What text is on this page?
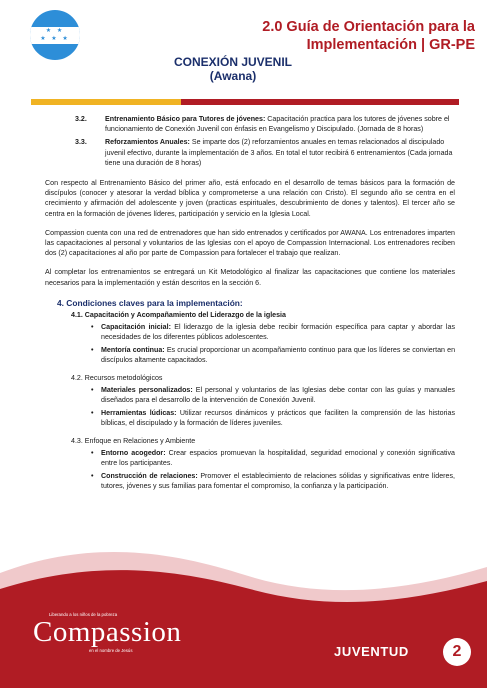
★ ★
★ ★ ★
2.0 Guía de Orientación para la
Implementación | GR-PE
CONEXIÓN JUVENIL
(Awana)
3.2.	Entrenamiento Básico para Tutores de jóvenes: Capacitación practica para los tutores de jóvenes sobre el funcionamiento de Conexión Juvenil con énfasis en Evangelismo y Discipulado. (Jornada de 8 horas)
3.3.	Reforzamientos Anuales: Se imparte dos (2) reforzamientos anuales en temas relacionados al discipulado juvenil efectivo, durante la implementación de 3 años. En total el tutor recibirá 6 entrenamientos (Cada jornada tiene una duración de 8 horas)

Con respecto al Entrenamiento Básico del primer año, está enfocado en el desarrollo de temas básicos para la formación de discípulos (conocer y atesorar la verdad bíblica y comprometerse a una relación con Cristo). El segundo año se centra en el crecimiento y afirmación del adolescente y joven (practicas espirituales, descubrimiento de dones y talentos). El tercer año se centra en la formación de jóvenes líderes, participación y servicio en la Iglesia Local.

Compassion cuenta con una red de entrenadores que han sido entrenados y certificados por AWANA. Los entrenadores imparten las capacitaciones al personal y voluntarios de las Iglesias con el apoyo de Compassion Internacional. Los entrenadores reciben dos (2) capacitaciones al año por parte de Compassion para fortalecer el trabajo que realizan.

Al completar los entrenamientos se entregará un Kit Metodológico al finalizar las capacitaciones que contiene los materiales necesarios para la implementación y están descritos en la sección 6.

4. Condiciones claves para la implementación:
4.1. Capacitación y Acompañamiento del Liderazgo de la iglesia
• Capacitación inicial: El liderazgo de la iglesia debe recibir formación específica para captar y abordar las necesidades de los diferentes públicos adolescentes.
• Mentoría continua: Es crucial proporcionar un acompañamiento continuo para que los líderes se conviertan en discípulos altamente capacitados.
4.2. Recursos metodológicos
• Materiales personalizados: El personal y voluntarios de las Iglesias debe contar con las guías y manuales diseñados para el desarrollo de la intervención de Conexión Juvenil.
• Herramientas lúdicas: Utilizar recursos dinámicos y prácticos que faciliten la comprensión de las historias bíblicas, el discipulado y la formación de líderes juveniles.
4.3. Enfoque en Relaciones y Ambiente
• Entorno acogedor: Crear espacios promuevan la hospitalidad, seguridad emocional y conexión significativa entre los participantes.
• Construcción de relaciones: Promover el establecimiento de relaciones sólidas y significativas entre líderes, tutores, jóvenes y sus familias para fomentar el compromiso, la confianza y la participación.
Liberando a los niños de la pobreza
Compassion
en el nombre de Jesús	JUVENTUD	2
